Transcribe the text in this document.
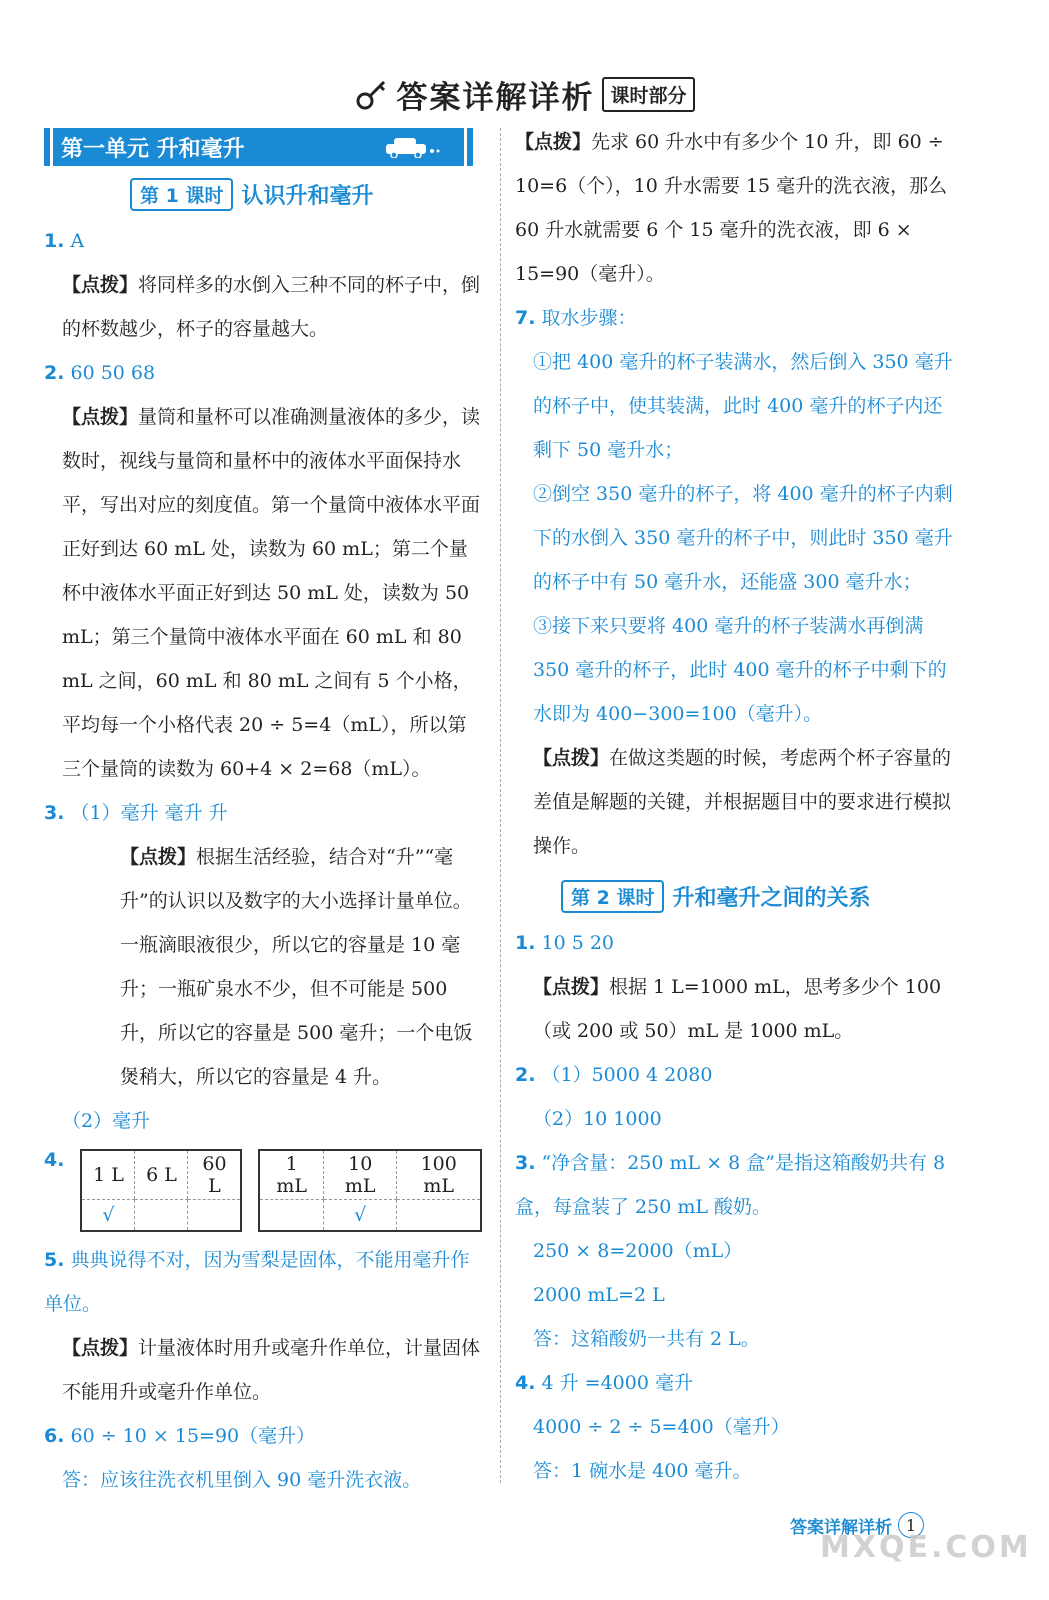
答案详解详析 课时部分
第一单元 升和毫升
第 1 课时 认识升和毫升

1. A

【点拨】将同样多的水倒入三种不同的杯子中，倒的杯数越少，杯子的容量越大。

2. 60 50 68

【点拨】量筒和量杯可以准确测量液体的多少，读数时，视线与量筒和量杯中的液体水平面保持水平，写出对应的刻度值。第一个量筒中液体水平面正好到达 60 mL 处，读数为 60 mL；第二个量杯中液体水平面正好到达 50 mL 处，读数为 50 mL；第三个量筒中液体水平面在 60 mL 和 80 mL 之间，60 mL 和 80 mL 之间有 5 个小格，平均每一个小格代表 20 ÷ 5=4（mL），所以第三个量筒的读数为 60+4 × 2=68（mL）。

3. （1）毫升 毫升 升

【点拨】根据生活经验，结合对“升”“毫升”的认识以及数字的大小选择计量单位。一瓶滴眼液很少，所以它的容量是 10 毫升；一瓶矿泉水不少，但不可能是 500 升，所以它的容量是 500 毫升；一个电饭煲稍大，所以它的容量是 4 升。

（2）毫升

4.
1 L	6 L	60 L
√		
1 mL	10 mL	100 mL
	√	

5. 典典说得不对，因为雪梨是固体，不能用毫升作单位。

【点拨】计量液体时用升或毫升作单位，计量固体不能用升或毫升作单位。

6. 60 ÷ 10 × 15=90（毫升）

答：应该往洗衣机里倒入 90 毫升洗衣液。

【点拨】先求 60 升水中有多少个 10 升，即 60 ÷ 10=6（个），10 升水需要 15 毫升的洗衣液，那么 60 升水就需要 6 个 15 毫升的洗衣液，即 6 × 15=90（毫升）。

7. 取水步骤：

①把 400 毫升的杯子装满水，然后倒入 350 毫升的杯子中，使其装满，此时 400 毫升的杯子内还剩下 50 毫升水；

②倒空 350 毫升的杯子，将 400 毫升的杯子内剩下的水倒入 350 毫升的杯子中，则此时 350 毫升的杯子中有 50 毫升水，还能盛 300 毫升水；

③接下来只要将 400 毫升的杯子装满水再倒满 350 毫升的杯子，此时 400 毫升的杯子中剩下的水即为 400−300=100（毫升）。

【点拨】在做这类题的时候，考虑两个杯子容量的差值是解题的关键，并根据题目中的要求进行模拟操作。

第 2 课时 升和毫升之间的关系

1. 10 5 20

【点拨】根据 1 L=1000 mL，思考多少个 100（或 200 或 50）mL 是 1000 mL。

2. （1）5000 4 2080

（2）10 1000

3. “净含量：250 mL × 8 盒”是指这箱酸奶共有 8 盒，每盒装了 250 mL 酸奶。

250 × 8=2000（mL）

2000 mL=2 L

答：这箱酸奶一共有 2 L。

4. 4 升 =4000 毫升

4000 ÷ 2 ÷ 5=400（毫升）

答：1 碗水是 400 毫升。

答案详解详析 1
MXQE.COM
